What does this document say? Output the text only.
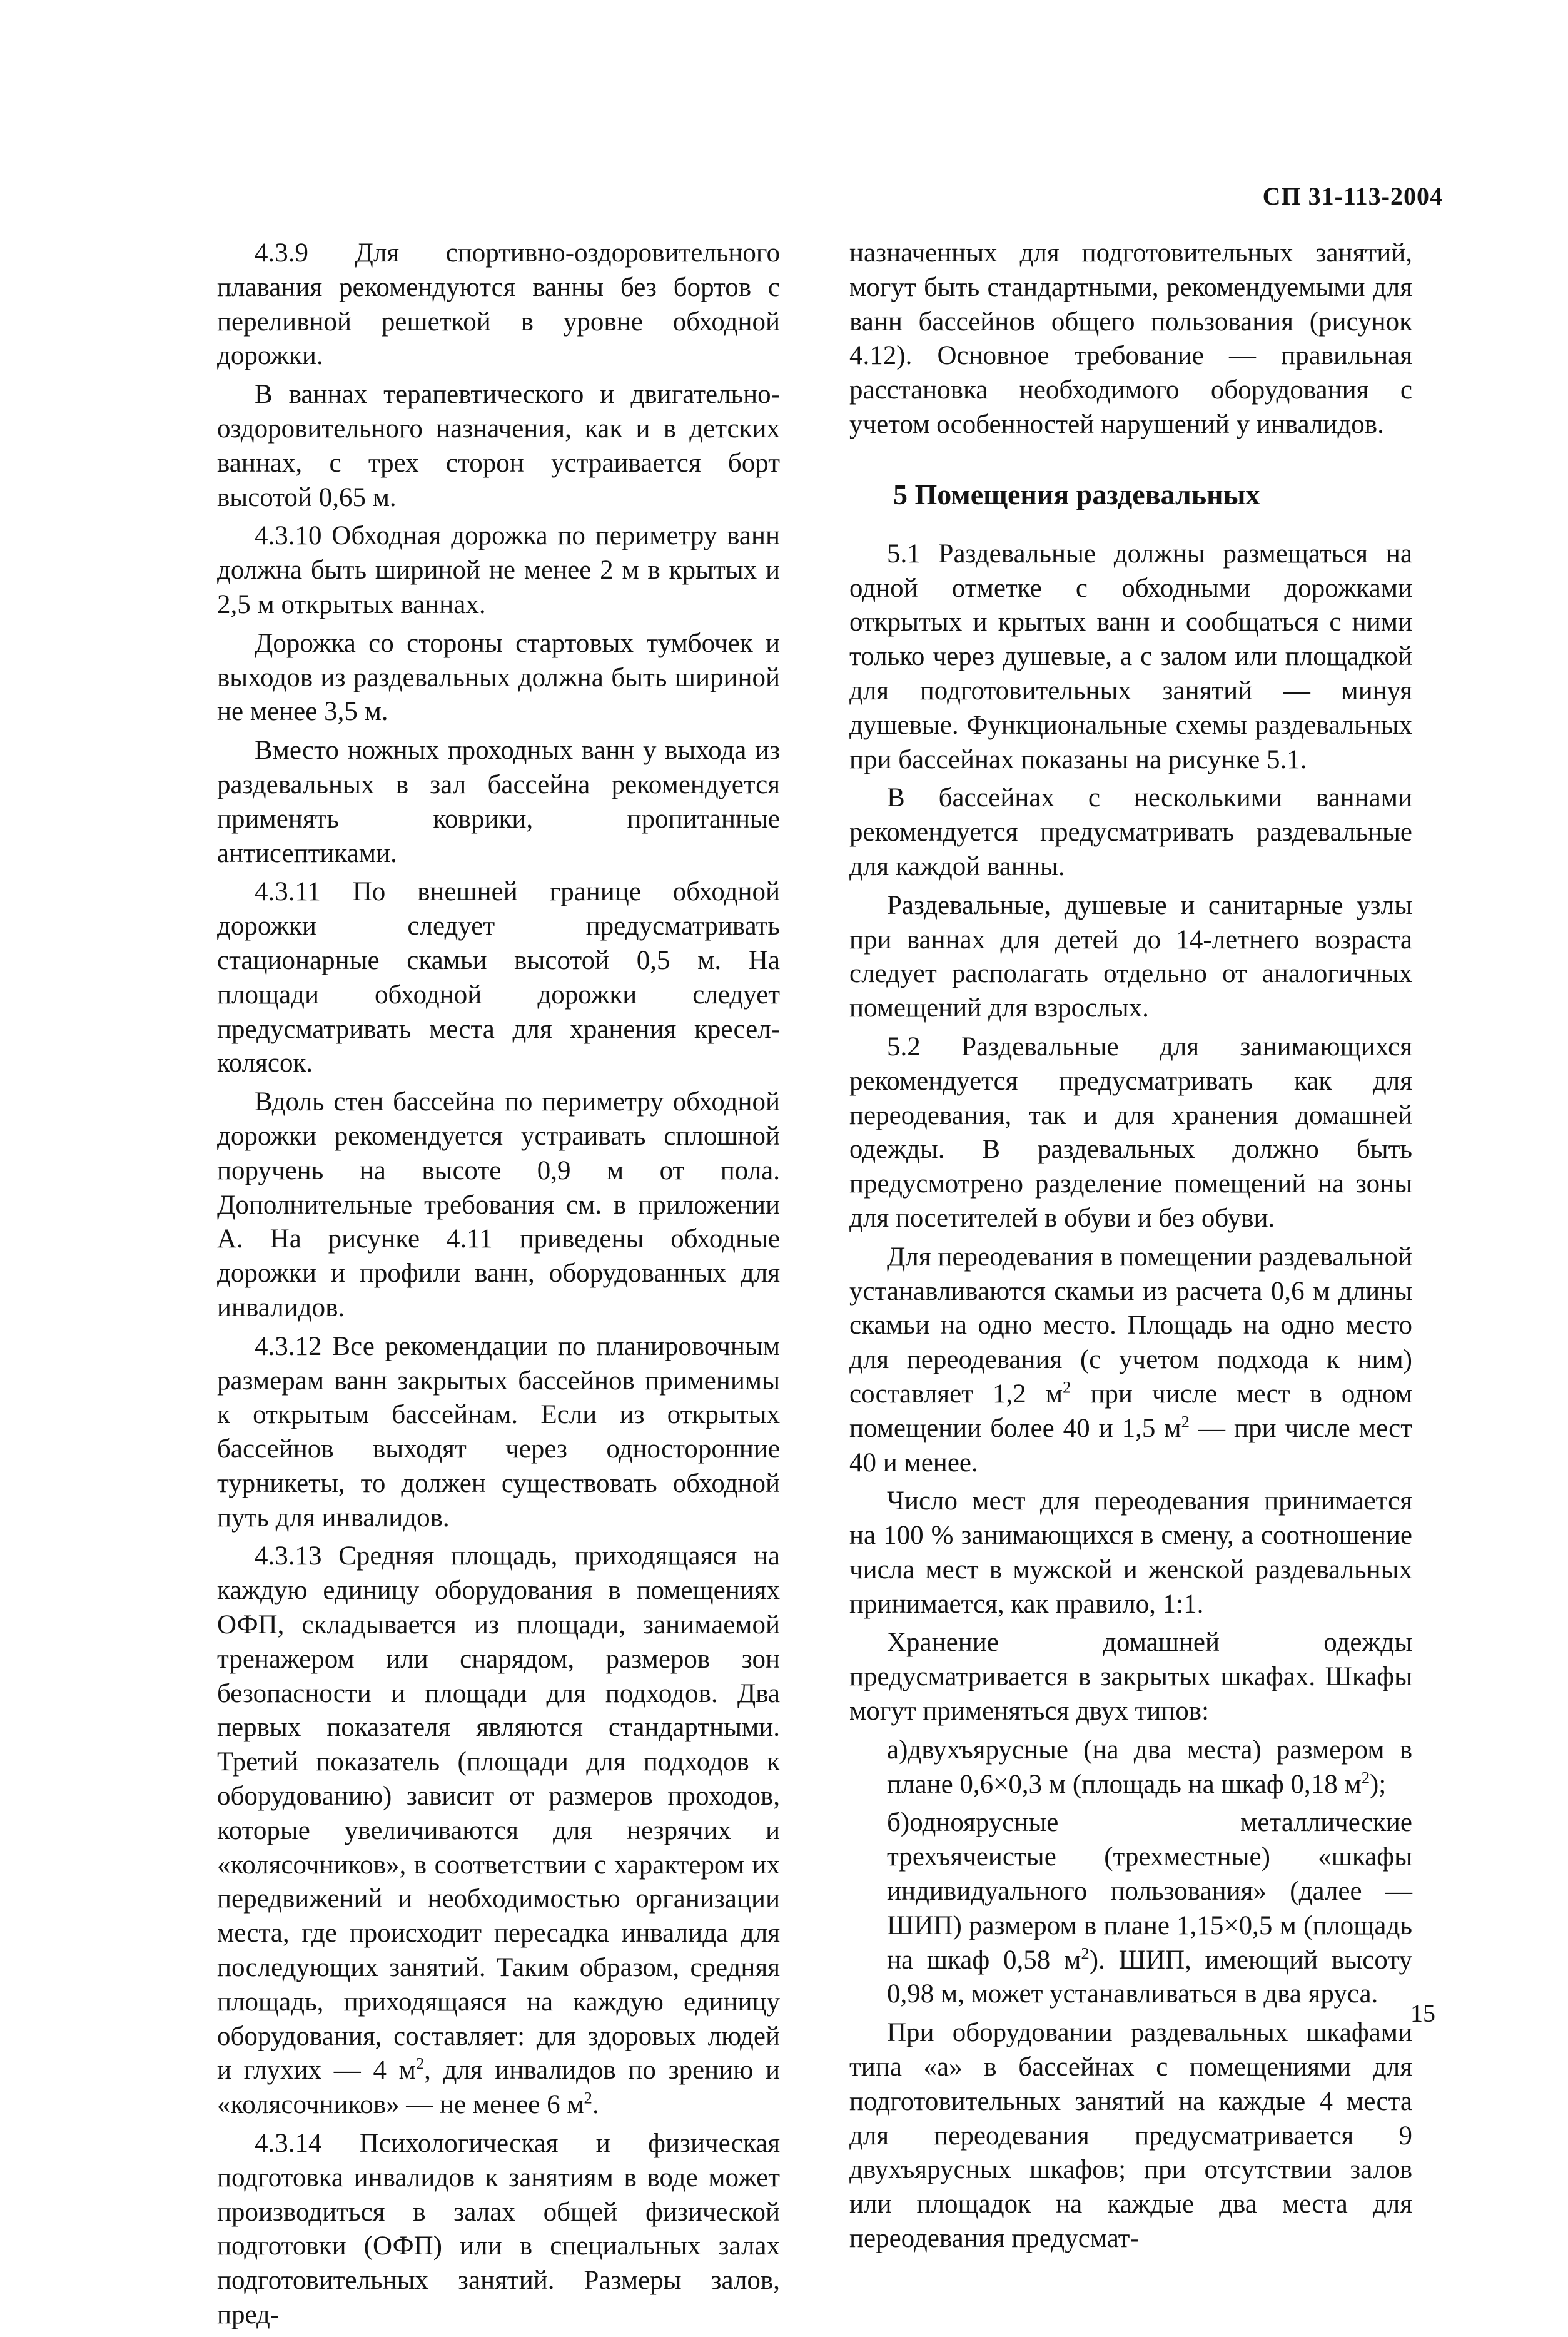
СП 31-113-2004

4.3.9 Для спортивно-оздоровительного плавания рекомендуются ванны без бортов с переливной решеткой в уровне обходной дорожки.

В ваннах терапевтического и двигательно-оздоровительного назначения, как и в детских ваннах, с трех сторон устраивается борт высотой 0,65 м.

4.3.10 Обходная дорожка по периметру ванн должна быть шириной не менее 2 м в крытых и 2,5 м открытых ваннах.

Дорожка со стороны стартовых тумбочек и выходов из раздевальных должна быть шириной не менее 3,5 м.

Вместо ножных проходных ванн у выхода из раздевальных в зал бассейна рекомендуется применять коврики, пропитанные антисептиками.

4.3.11 По внешней границе обходной дорожки следует предусматривать стационарные скамьи высотой 0,5 м. На площади обходной дорожки следует предусматривать места для хранения кресел-колясок.

Вдоль стен бассейна по периметру обходной дорожки рекомендуется устраивать сплошной поручень на высоте 0,9 м от пола. Дополнительные требования см. в приложении А. На рисунке 4.11 приведены обходные дорожки и профили ванн, оборудованных для инвалидов.

4.3.12 Все рекомендации по планировочным размерам ванн закрытых бассейнов применимы к открытым бассейнам. Если из открытых бассейнов выходят через односторонние турникеты, то должен существовать обходной путь для инвалидов.

4.3.13 Средняя площадь, приходящаяся на каждую единицу оборудования в помещениях ОФП, складывается из площади, занимаемой тренажером или снарядом, размеров зон безопасности и площади для подходов. Два первых показателя являются стандартными. Третий показатель (площади для подходов к оборудованию) зависит от размеров проходов, которые увеличиваются для незрячих и «колясочников», в соответствии с характером их передвижений и необходимостью организации места, где происходит пересадка инвалида для последующих занятий. Таким образом, средняя площадь, приходящаяся на каждую единицу оборудования, составляет: для здоровых людей и глухих — 4 $м^2$, для инвалидов по зрению и «колясочников» — не менее 6 $м^2$.

4.3.14 Психологическая и физическая подготовка инвалидов к занятиям в воде может производиться в залах общей физической подготовки (ОФП) или в специальных залах подготовительных занятий. Размеры залов, пред-

назначенных для подготовительных занятий, могут быть стандартными, рекомендуемыми для ванн бассейнов общего пользования (рисунок 4.12). Основное требование — правильная расстановка необходимого оборудования с учетом особенностей нарушений у инвалидов.

5 Помещения раздевальных

5.1 Раздевальные должны размещаться на одной отметке с обходными дорожками открытых и крытых ванн и сообщаться с ними только через душевые, а с залом или площадкой для подготовительных занятий — минуя душевые. Функциональные схемы раздевальных при бассейнах показаны на рисунке 5.1.

В бассейнах с несколькими ваннами рекомендуется предусматривать раздевальные для каждой ванны.

Раздевальные, душевые и санитарные узлы при ваннах для детей до 14-летнего возраста следует располагать отдельно от аналогичных помещений для взрослых.

5.2 Раздевальные для занимающихся рекомендуется предусматривать как для переодевания, так и для хранения домашней одежды. В раздевальных должно быть предусмотрено разделение помещений на зоны для посетителей в обуви и без обуви.

Для переодевания в помещении раздевальной устанавливаются скамьи из расчета 0,6 м длины скамьи на одно место. Площадь на одно место для переодевания (с учетом подхода к ним) составляет 1,2 $м^2$ при числе мест в одном помещении более 40 и 1,5 $м^2$ — при числе мест 40 и менее.

Число мест для переодевания принимается на 100 % занимающихся в смену, а соотношение числа мест в мужской и женской раздевальных принимается, как правило, 1:1.

Хранение домашней одежды предусматривается в закрытых шкафах. Шкафы могут применяться двух типов:

а)двухъярусные (на два места) размером в плане 0,6×0,3 м (площадь на шкаф 0,18 $м^2$);

б)одноярусные металлические трехъячеистые (трехместные) «шкафы индивидуального пользования» (далее — ШИП) размером в плане 1,15×0,5 м (площадь на шкаф 0,58 $м^2$). ШИП, имеющий высоту 0,98 м, может устанавливаться в два яруса.

При оборудовании раздевальных шкафами типа «а» в бассейнах с помещениями для подготовительных занятий на каждые 4 места для переодевания предусматривается 9 двухъярусных шкафов; при отсутствии залов или площадок на каждые два места для переодевания предусмат-

15
